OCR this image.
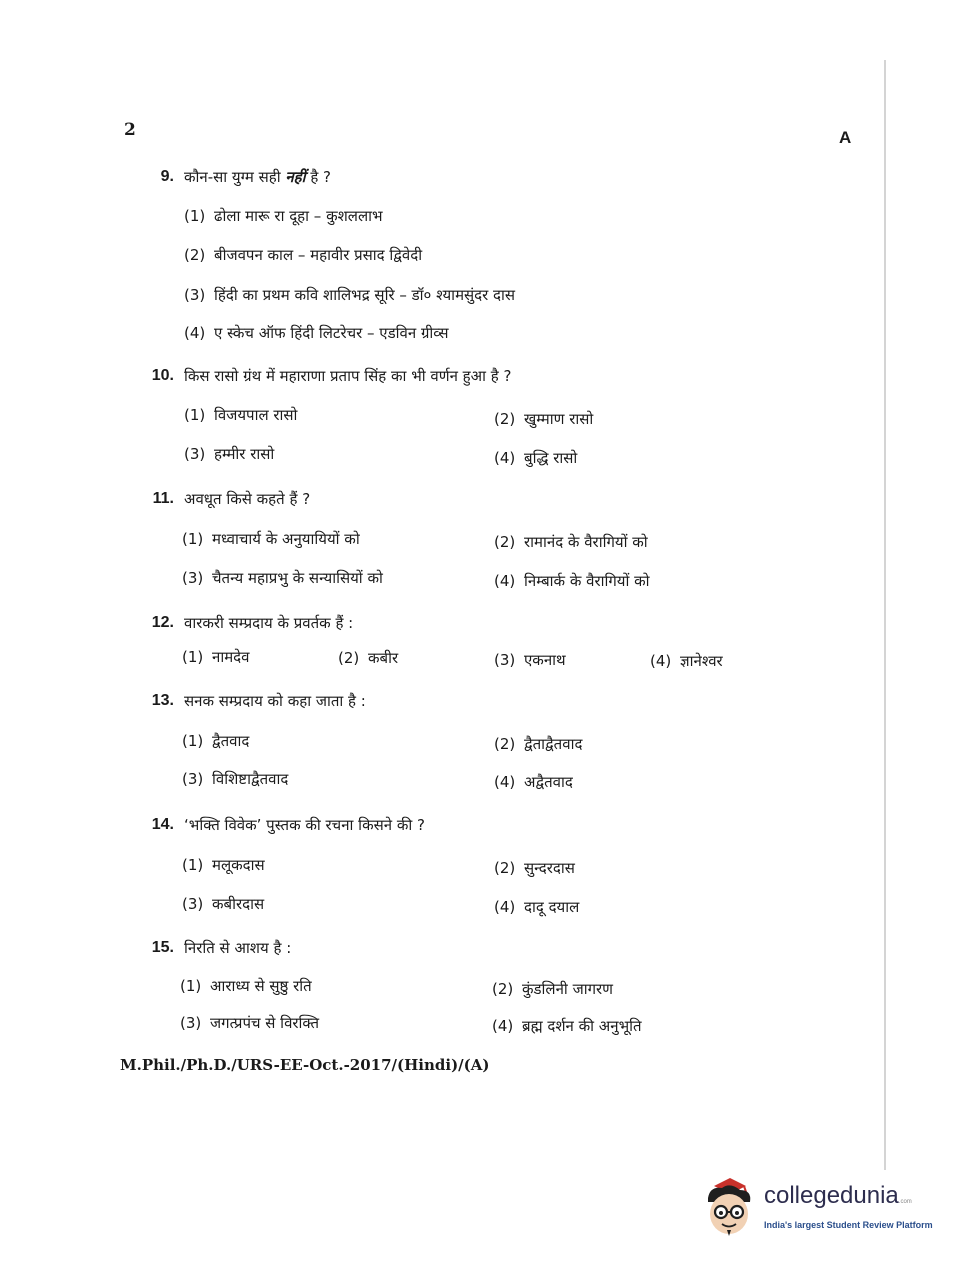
2	A
9. कौन-सा युग्म सही नहीं है ?
(1) ढोला मारू रा दूहा – कुशललाभ
(2) बीजवपन काल – महावीर प्रसाद द्विवेदी
(3) हिंदी का प्रथम कवि शालिभद्र सूरि – डॉ० श्यामसुंदर दास
(4) ए स्केच ऑफ हिंदी लिटरेचर – एडविन ग्रीव्स
10. किस रासो ग्रंथ में महाराणा प्रताप सिंह का भी वर्णन हुआ है ?
(1) विजयपाल रासो	(2) खुम्माण रासो
(3) हम्मीर रासो	(4) बुद्धि रासो
11. अवधूत किसे कहते हैं ?
(1) मध्वाचार्य के अनुयायियों को	(2) रामानंद के वैरागियों को
(3) चैतन्य महाप्रभु के सन्यासियों को	(4) निम्बार्क के वैरागियों को
12. वारकरी सम्प्रदाय के प्रवर्तक हैं :
(1) नामदेव	(2) कबीर	(3) एकनाथ	(4) ज्ञानेश्वर
13. सनक सम्प्रदाय को कहा जाता है :
(1) द्वैतवाद	(2) द्वैताद्वैतवाद
(3) विशिष्टाद्वैतवाद	(4) अद्वैतवाद
14. ‘भक्ति विवेक’ पुस्तक की रचना किसने की ?
(1) मलूकदास	(2) सुन्दरदास
(3) कबीरदास	(4) दादू दयाल
15. निरति से आशय है :
(1) आराध्य से सुष्ठु रति	(2) कुंडलिनी जागरण
(3) जगत्प्रपंच से विरक्ति	(4) ब्रह्म दर्शन की अनुभूति
M.Phil./Ph.D./URS-EE-Oct.-2017/(Hindi)/(A)
collegedunia.com
India's largest Student Review Platform
